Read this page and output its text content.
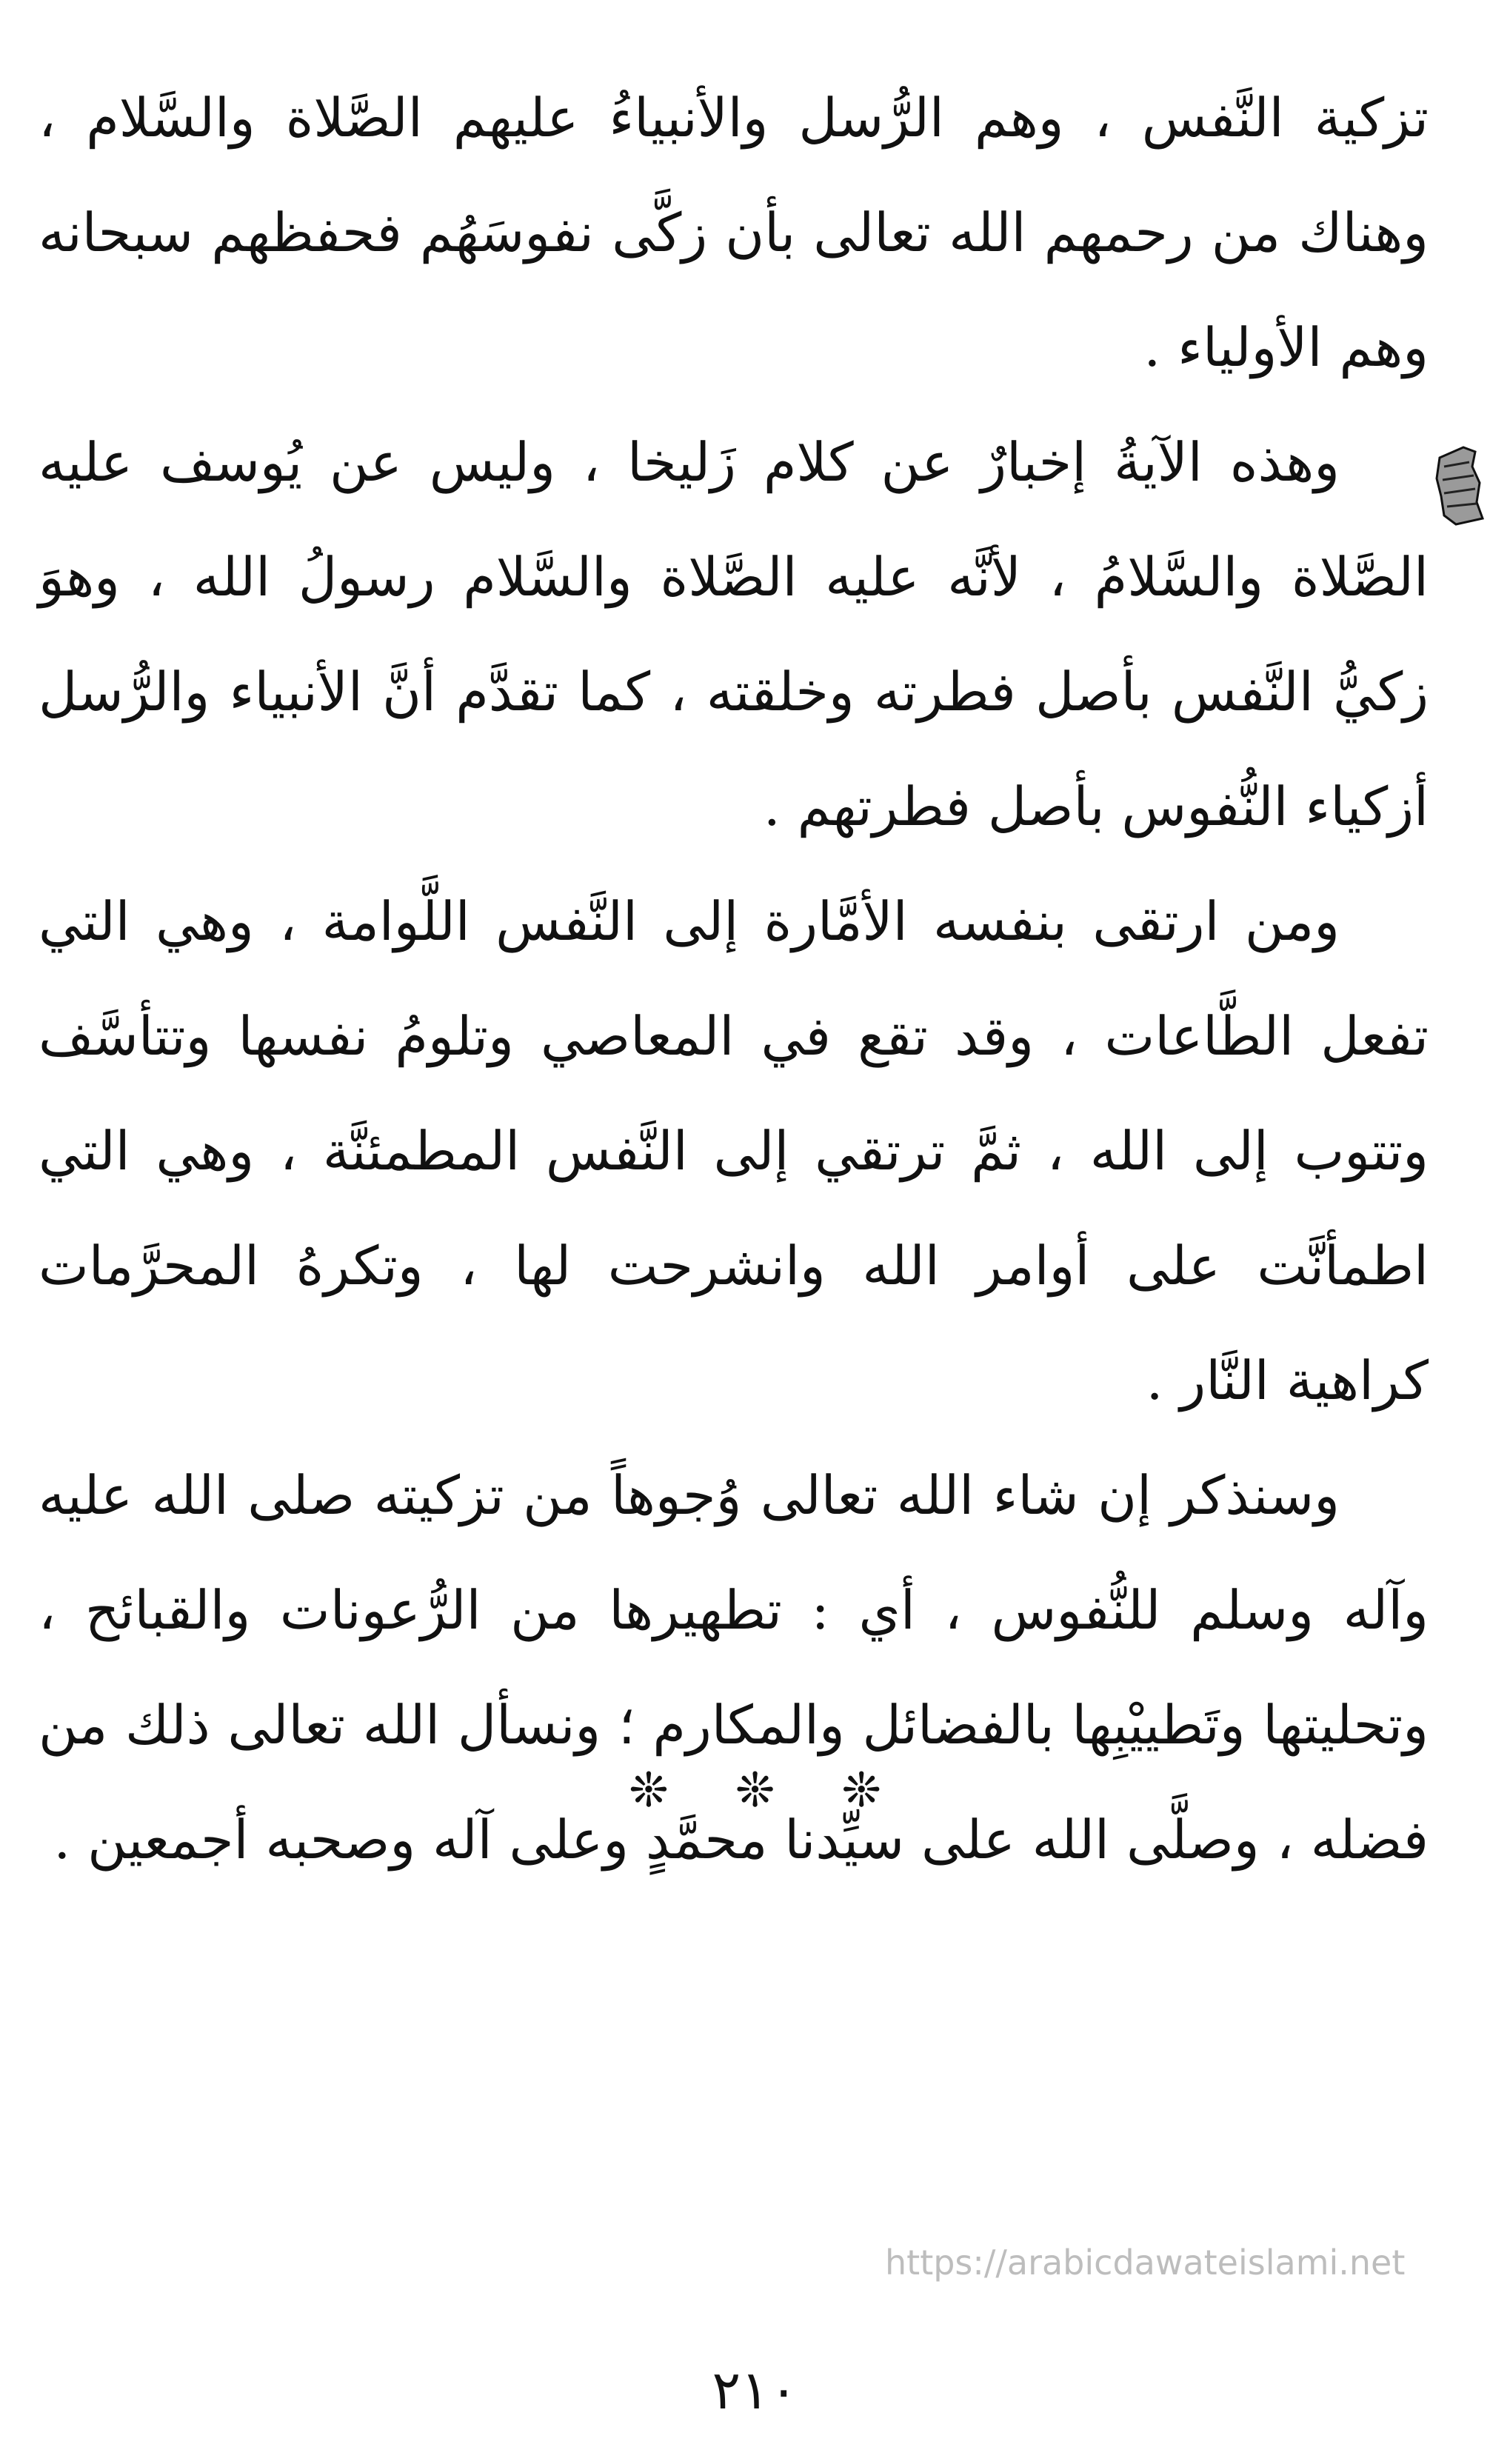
تزكية النَّفس ، وهم الرُّسل والأنبياءُ عليهم الصَّلاة والسَّلام ، وهناك من رحمهم الله تعالى بأن زكَّى نفوسَهُم فحفظهم سبحانه وهم الأولياء .

وهذه الآيةُ إخبارٌ عن كلام زَليخا ، وليس عن يُوسف عليه الصَّلاة والسَّلامُ ، لأنَّه عليه الصَّلاة والسَّلام رسولُ الله ، وهوَ زكيُّ النَّفس بأصل فطرته وخلقته ، كما تقدَّم أنَّ الأنبياء والرُّسل أزكياء النُّفوس بأصل فطرتهم .

ومن ارتقى بنفسه الأمَّارة إلى النَّفس اللَّوامة ، وهي التي تفعل الطَّاعات ، وقد تقع في المعاصي وتلومُ نفسها وتتأسَّف وتتوب إلى الله ، ثمَّ ترتقي إلى النَّفس المطمئنَّة ، وهي التي اطمأنَّت على أوامر الله وانشرحت لها ، وتكرهُ المحرَّمات كراهية النَّار .

وسنذكر إن شاء الله تعالى وُجوهاً من تزكيته صلى الله عليه وآله وسلم للنُّفوس ، أي : تطهيرها من الرُّعونات والقبائح ، وتحليتها وتَطييْبِها بالفضائل والمكارم ؛ ونسأل الله تعالى ذلك من فضله ، وصلَّى الله على سيِّدنا محمَّدٍ وعلى آله وصحبه أجمعين .

❊
❊
❊
https://arabicdawateislami.net
٢١٠
